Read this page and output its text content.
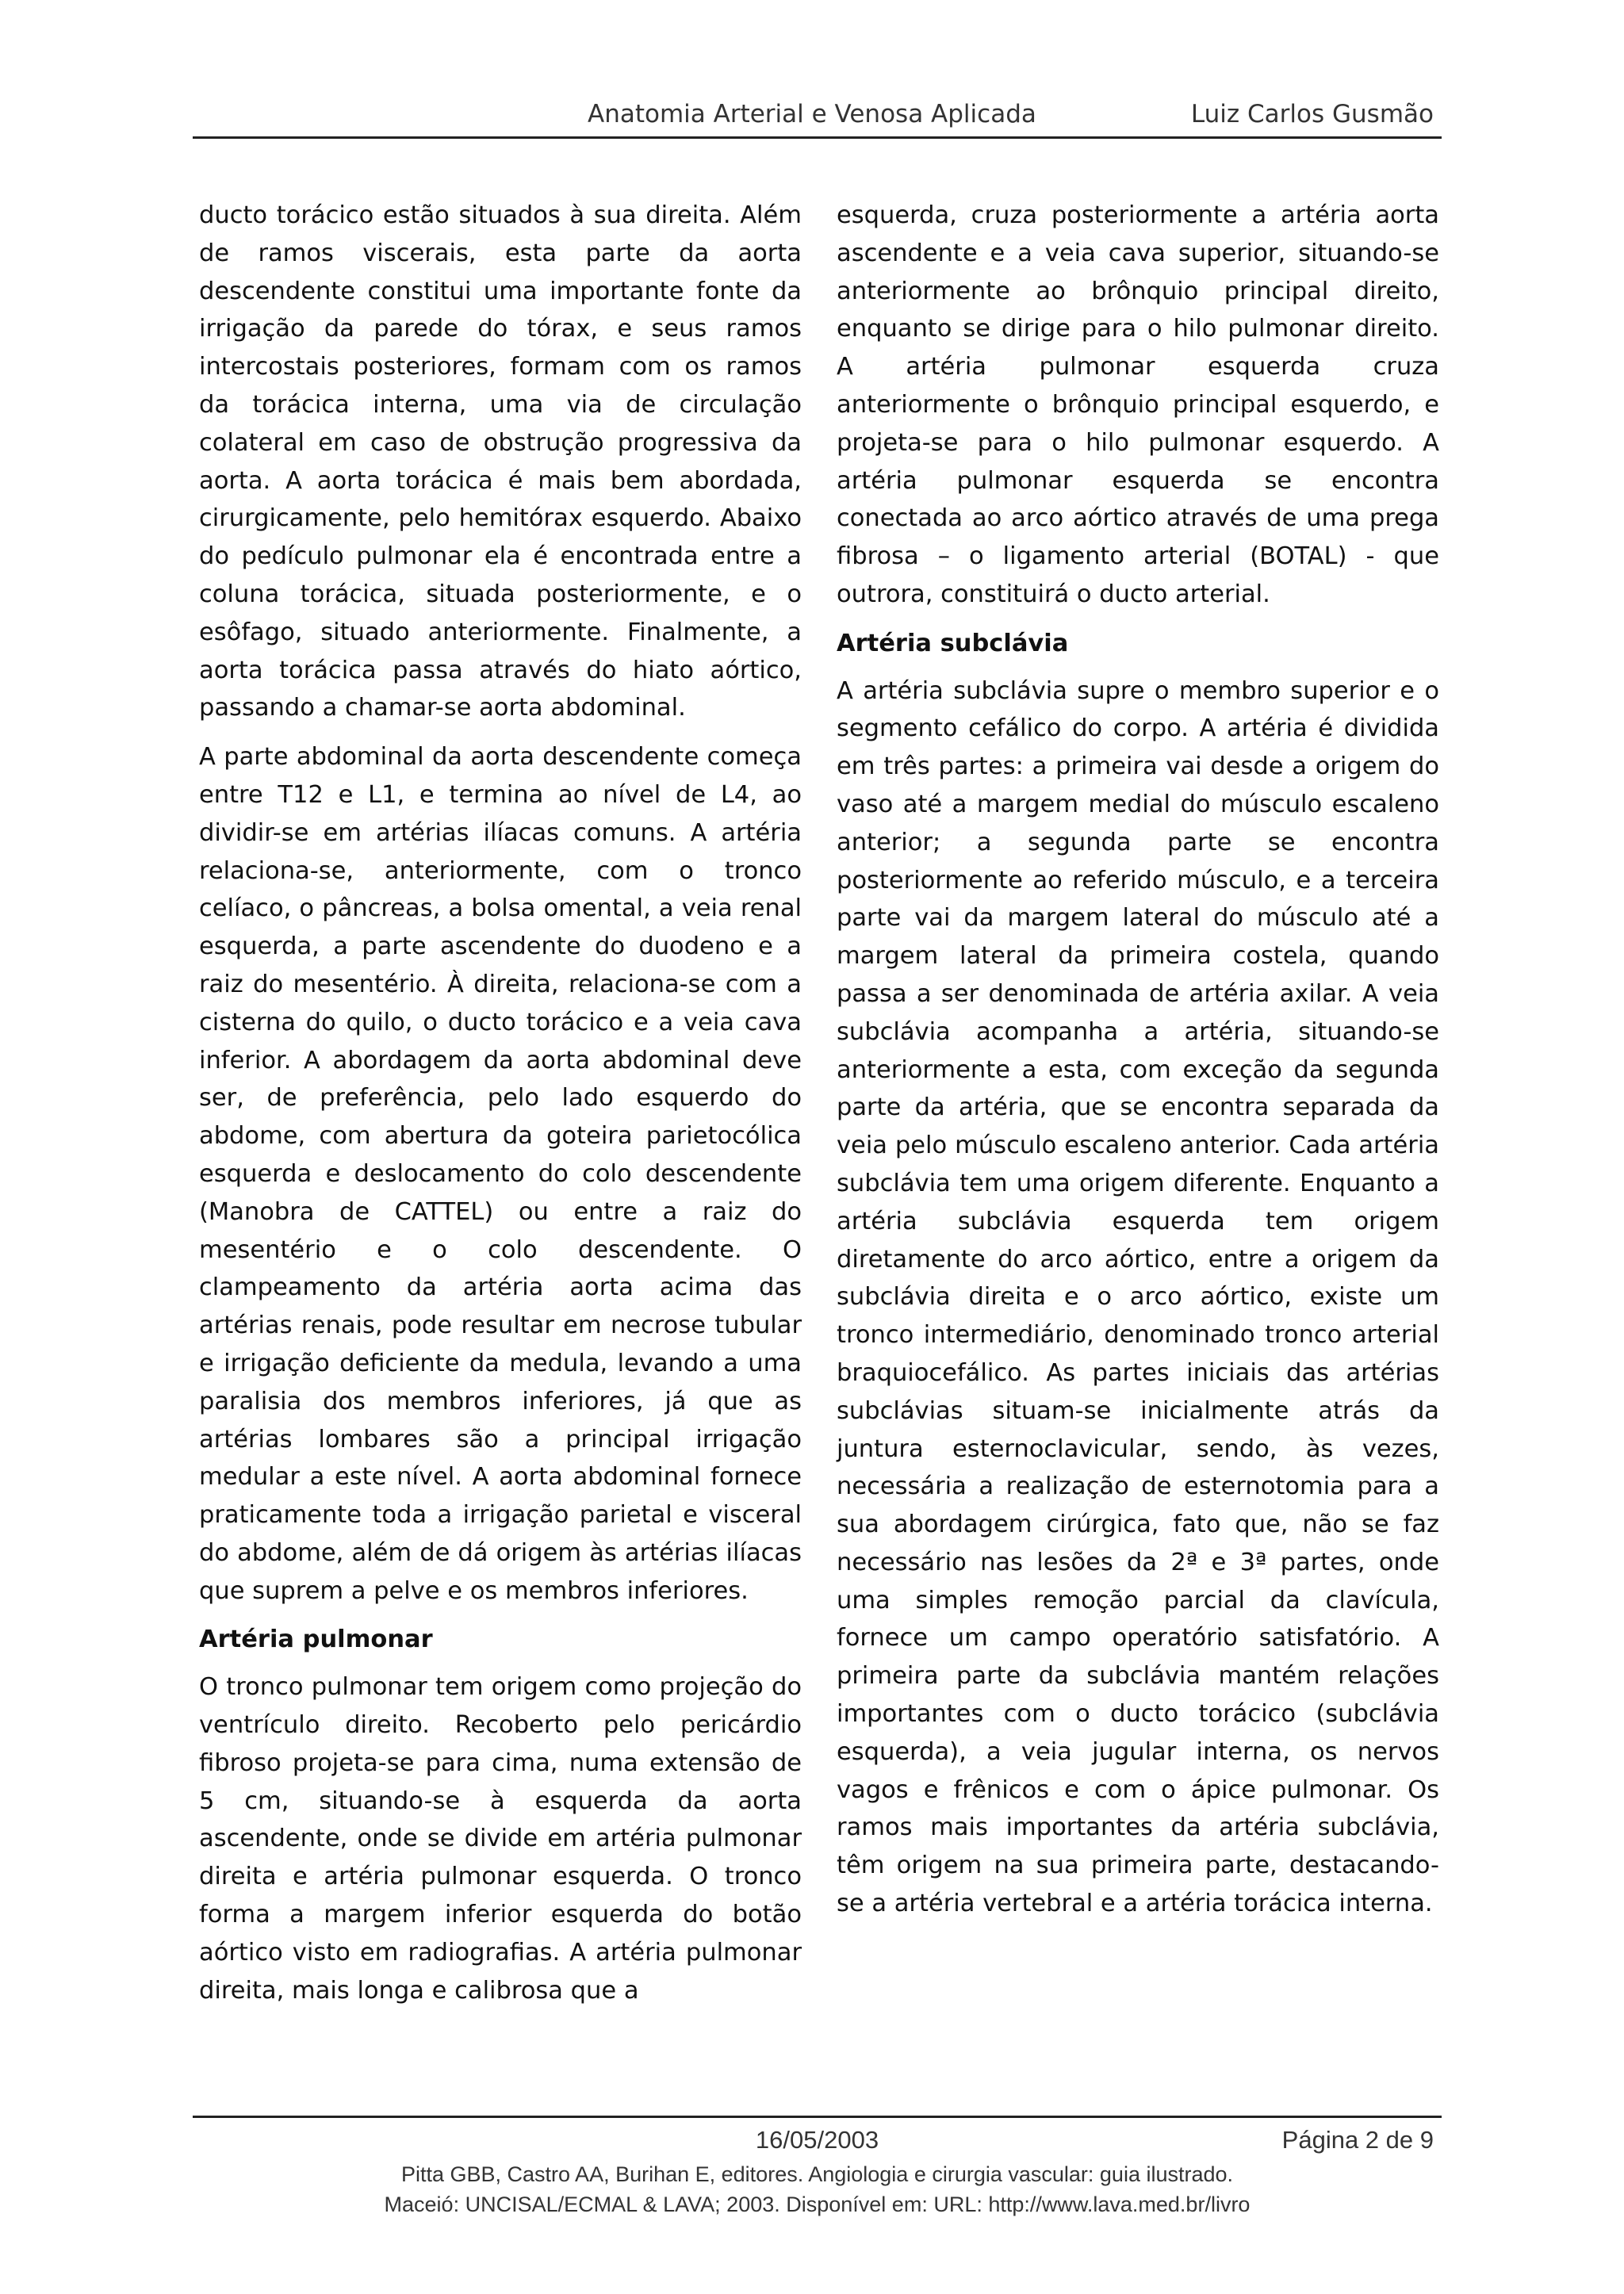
Anatomia Arterial e Venosa Aplicada	Luiz Carlos Gusmão

ducto torácico estão situados à sua direita. Além de ramos viscerais, esta parte da aorta descendente constitui uma importante fonte da irrigação da parede do tórax, e seus ramos intercostais posteriores, formam com os ramos da torácica interna, uma via de circulação colateral em caso de obstrução progressiva da aorta. A aorta torácica é mais bem abordada, cirurgicamente, pelo hemitórax esquerdo. Abaixo do pedículo pulmonar ela é encontrada entre a coluna torácica, situada posteriormente, e o esôfago, situado anteriormente. Finalmente, a aorta torácica passa através do hiato aórtico, passando a chamar-se aorta abdominal.

A parte abdominal da aorta descendente começa entre T12 e L1, e termina ao nível de L4, ao dividir-se em artérias ilíacas comuns. A artéria relaciona-se, anteriormente, com o tronco celíaco, o pâncreas, a bolsa omental, a veia renal esquerda, a parte ascendente do duodeno e a raiz do mesentério. À direita, relaciona-se com a cisterna do quilo, o ducto torácico e a veia cava inferior. A abordagem da aorta abdominal deve ser, de preferência, pelo lado esquerdo do abdome, com abertura da goteira parietocólica esquerda e deslocamento do colo descendente (Manobra de CATTEL) ou entre a raiz do mesentério e o colo descendente. O clampeamento da artéria aorta acima das artérias renais, pode resultar em necrose tubular e irrigação deficiente da medula, levando a uma paralisia dos membros inferiores, já que as artérias lombares são a principal irrigação medular a este nível. A aorta abdominal fornece praticamente toda a irrigação parietal e visceral do abdome, além de dá origem às artérias ilíacas que suprem a pelve e os membros inferiores.

Artéria pulmonar

O tronco pulmonar tem origem como projeção do ventrículo direito. Recoberto pelo pericárdio fibroso projeta-se para cima, numa extensão de 5 cm, situando-se à esquerda da aorta ascendente, onde se divide em artéria pulmonar direita e artéria pulmonar esquerda. O tronco forma a margem inferior esquerda do botão aórtico visto em radiografias. A artéria pulmonar direita, mais longa e calibrosa que a

esquerda, cruza posteriormente a artéria aorta ascendente e a veia cava superior, situando-se anteriormente ao brônquio principal direito, enquanto se dirige para o hilo pulmonar direito. A artéria pulmonar esquerda cruza anteriormente o brônquio principal esquerdo, e projeta-se para o hilo pulmonar esquerdo. A artéria pulmonar esquerda se encontra conectada ao arco aórtico através de uma prega fibrosa – o ligamento arterial (BOTAL) - que outrora, constituirá o ducto arterial.

Artéria subclávia

A artéria subclávia supre o membro superior e o segmento cefálico do corpo. A artéria é dividida em três partes: a primeira vai desde a origem do vaso até a margem medial do músculo escaleno anterior; a segunda parte se encontra posteriormente ao referido músculo, e a terceira parte vai da margem lateral do músculo até a margem lateral da primeira costela, quando passa a ser denominada de artéria axilar. A veia subclávia acompanha a artéria, situando-se anteriormente a esta, com exceção da segunda parte da artéria, que se encontra separada da veia pelo músculo escaleno anterior. Cada artéria subclávia tem uma origem diferente. Enquanto a artéria subclávia esquerda tem origem diretamente do arco aórtico, entre a origem da subclávia direita e o arco aórtico, existe um tronco intermediário, denominado tronco arterial braquiocefálico. As partes iniciais das artérias subclávias situam-se inicialmente atrás da juntura esternoclavicular, sendo, às vezes, necessária a realização de esternotomia para a sua abordagem cirúrgica, fato que, não se faz necessário nas lesões da 2ª e 3ª partes, onde uma simples remoção parcial da clavícula, fornece um campo operatório satisfatório. A primeira parte da subclávia mantém relações importantes com o ducto torácico (subclávia esquerda), a veia jugular interna, os nervos vagos e frênicos e com o ápice pulmonar. Os ramos mais importantes da artéria subclávia, têm origem na sua primeira parte, destacando-se a artéria vertebral e a artéria torácica interna.

16/05/2003	Página 2 de 9
Pitta GBB, Castro AA, Burihan E, editores. Angiologia e cirurgia vascular: guia ilustrado.
Maceió: UNCISAL/ECMAL & LAVA; 2003. Disponível em: URL: http://www.lava.med.br/livro
